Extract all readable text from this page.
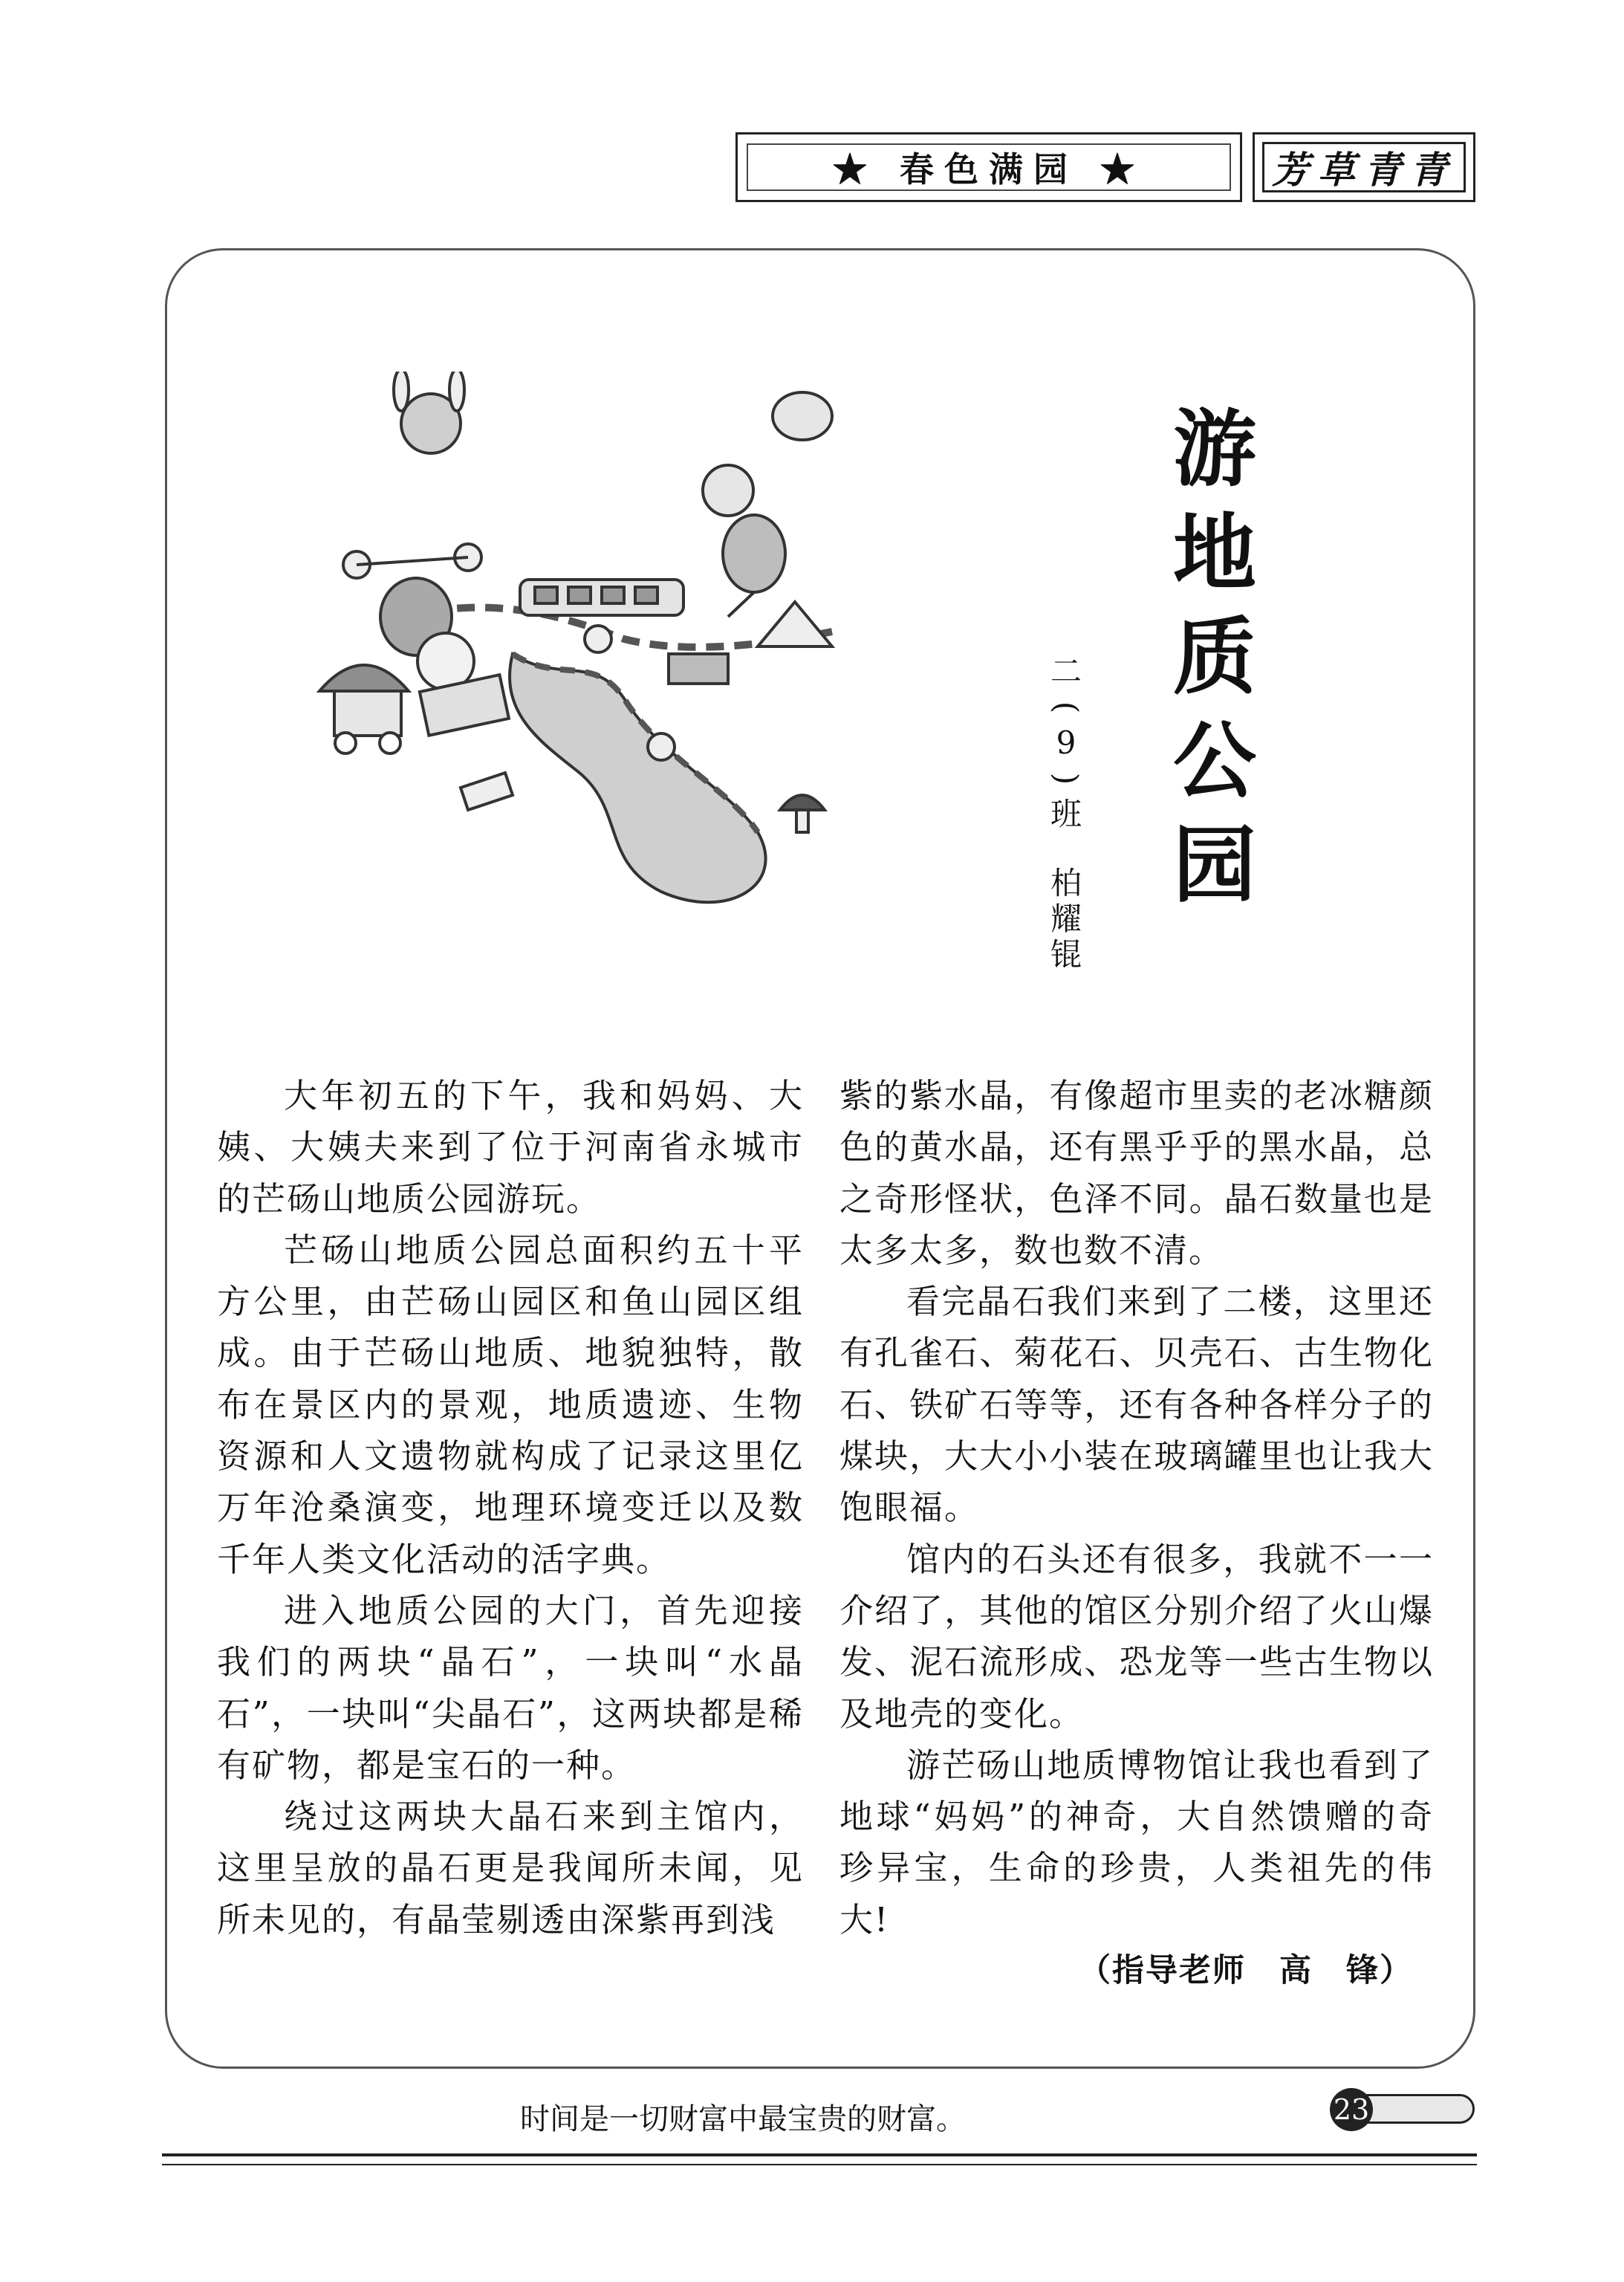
★ 春色满园 ★	芳草青青
游
地
质
公
园
二
(
9
)
班
柏
耀
锟

大年初五的下午，我和妈妈、大姨、大姨夫来到了位于河南省永城市的芒砀山地质公园游玩。

芒砀山地质公园总面积约五十平方公里，由芒砀山园区和鱼山园区组成。由于芒砀山地质、地貌独特，散布在景区内的景观，地质遗迹、生物资源和人文遗物就构成了记录这里亿万年沧桑演变，地理环境变迁以及数千年人类文化活动的活字典。

进入地质公园的大门，首先迎接我们的两块“晶石”，一块叫“水晶石”，一块叫“尖晶石”，这两块都是稀有矿物，都是宝石的一种。

绕过这两块大晶石来到主馆内，这里呈放的晶石更是我闻所未闻，见所未见的，有晶莹剔透由深紫再到浅

紫的紫水晶，有像超市里卖的老冰糖颜色的黄水晶，还有黑乎乎的黑水晶，总之奇形怪状，色泽不同。晶石数量也是太多太多，数也数不清。

看完晶石我们来到了二楼，这里还有孔雀石、菊花石、贝壳石、古生物化石、铁矿石等等，还有各种各样分子的煤块，大大小小装在玻璃罐里也让我大饱眼福。

馆内的石头还有很多，我就不一一介绍了，其他的馆区分别介绍了火山爆发、泥石流形成、恐龙等一些古生物以及地壳的变化。

游芒砀山地质博物馆让我也看到了地球“妈妈”的神奇，大自然馈赠的奇珍异宝，生命的珍贵，人类祖先的伟大!

（指导老师　高　锋）
时间是一切财富中最宝贵的财富。	23
